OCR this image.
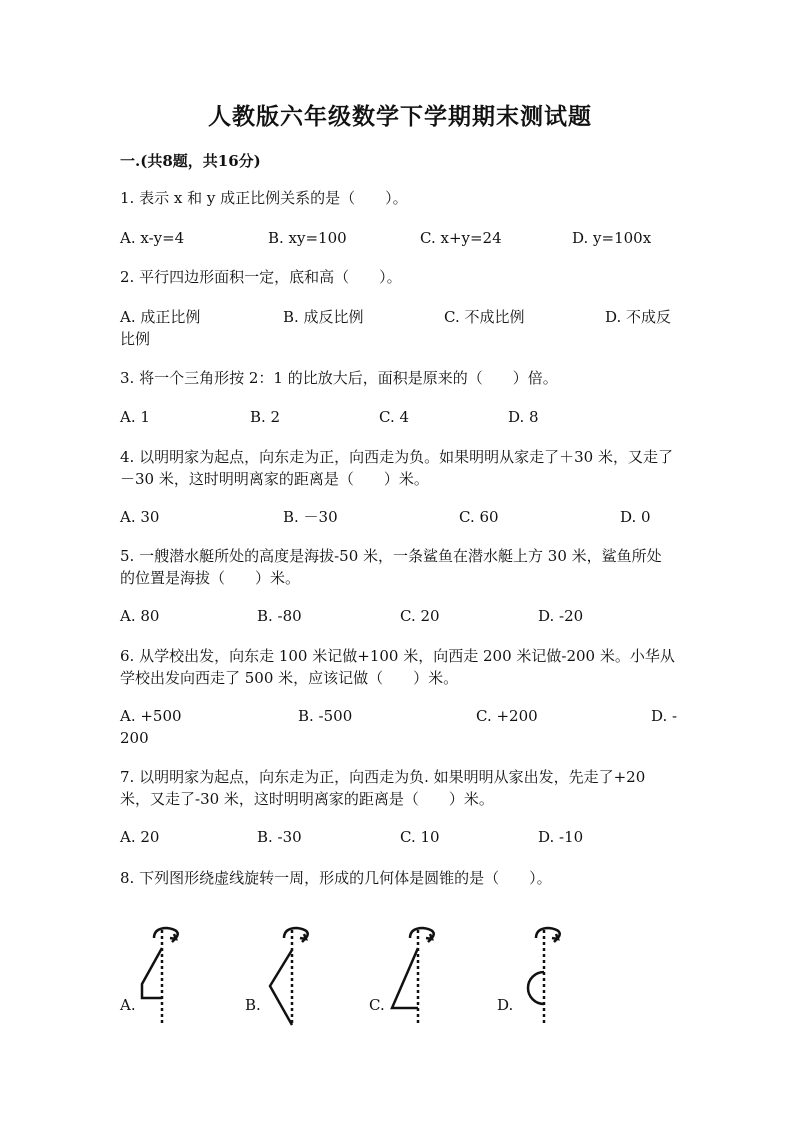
人教版六年级数学下学期期末测试题
一.(共8题，共16分)
1. 表示 x 和 y 成正比例关系的是（　　）。
A. x-y=4	B. xy=100	C. x+y=24	D. y=100x
2. 平行四边形面积一定，底和高（　　）。
A. 成正比例	B. 成反比例	C. 不成比例	D. 不成反
比例
3. 将一个三角形按 2：1 的比放大后，面积是原来的（　　）倍。
A. 1	B. 2	C. 4	D. 8
4. 以明明家为起点，向东走为正，向西走为负。如果明明从家走了＋30 米，又走了－30 米，这时明明离家的距离是（　　）米。
A. 30	B. －30	C. 60	D. 0
5. 一艘潜水艇所处的高度是海拔-50 米，一条鲨鱼在潜水艇上方 30 米，鲨鱼所处的位置是海拔（　　）米。
A. 80	B. -80	C. 20	D. -20
6. 从学校出发，向东走 100 米记做+100 米，向西走 200 米记做-200 米。小华从学校出发向西走了 500 米，应该记做（　　）米。
A. +500	B. -500	C. +200	D. -
200
7. 以明明家为起点，向东走为正，向西走为负. 如果明明从家出发，先走了+20 米，又走了-30 米，这时明明离家的距离是（　　）米。
A. 20	B. -30	C. 10	D. -10
8. 下列图形绕虚线旋转一周，形成的几何体是圆锥的是（　　）。
A.	B.	C.	D.
